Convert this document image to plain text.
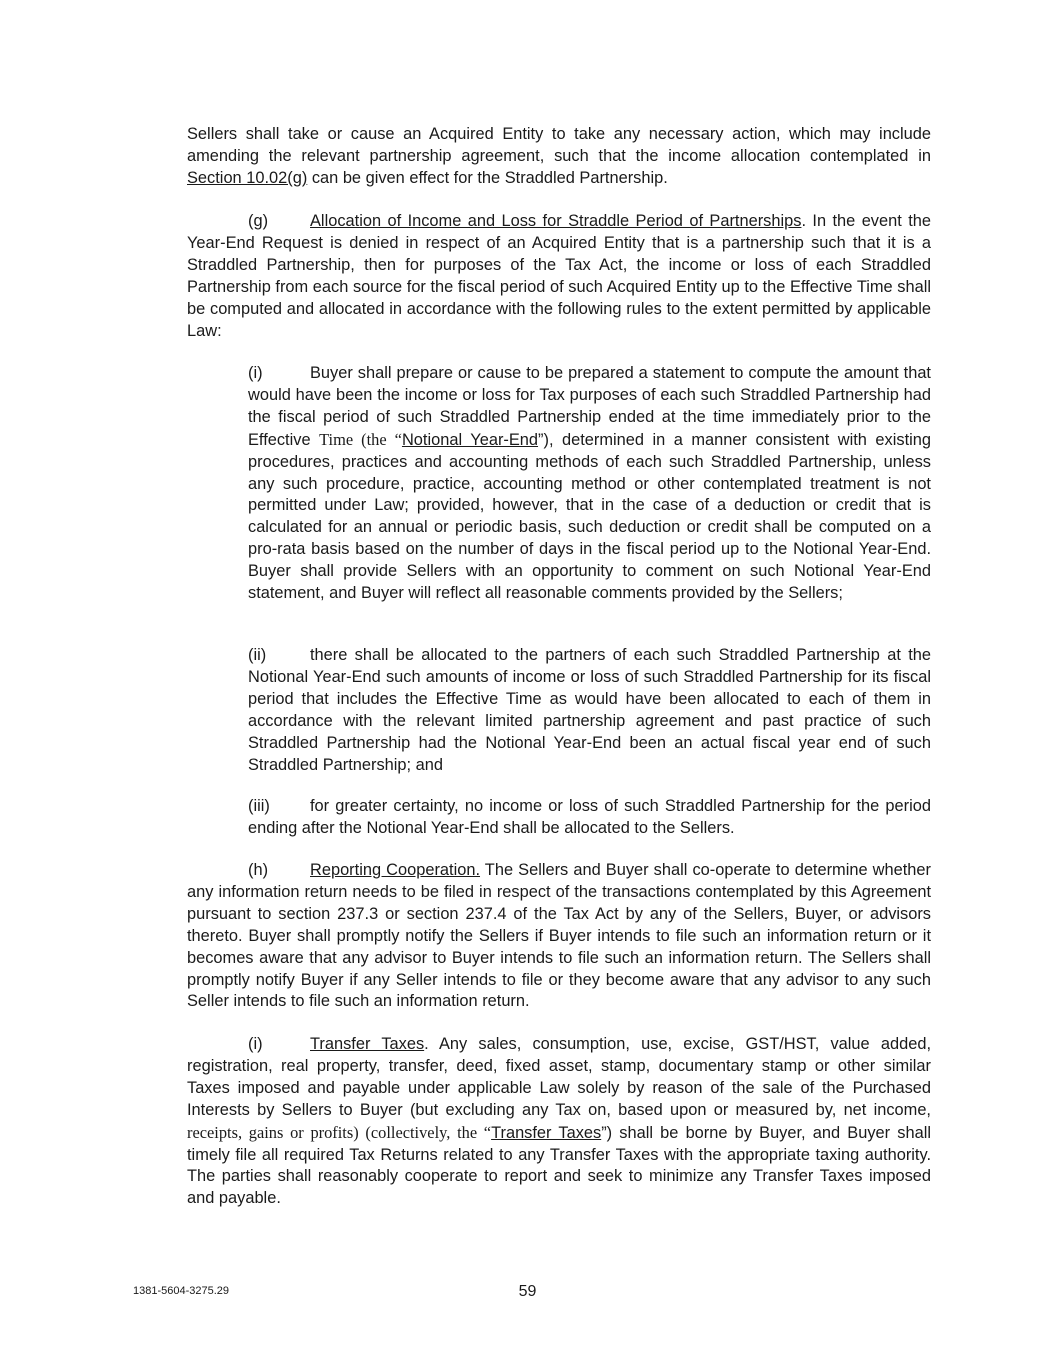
Sellers shall take or cause an Acquired Entity to take any necessary action, which may include amending the relevant partnership agreement, such that the income allocation contemplated in Section 10.02(g) can be given effect for the Straddled Partnership.

(g)	Allocation of Income and Loss for Straddle Period of Partnerships. In the event the Year-End Request is denied in respect of an Acquired Entity that is a partnership such that it is a Straddled Partnership, then for purposes of the Tax Act, the income or loss of each Straddled Partnership from each source for the fiscal period of such Acquired Entity up to the Effective Time shall be computed and allocated in accordance with the following rules to the extent permitted by applicable Law:

(i)	Buyer shall prepare or cause to be prepared a statement to compute the amount that would have been the income or loss for Tax purposes of each such Straddled Partnership had the fiscal period of such Straddled Partnership ended at the time immediately prior to the Effective Time (the “Notional Year-End”), determined in a manner consistent with existing procedures, practices and accounting methods of each such Straddled Partnership, unless any such procedure, practice, accounting method or other contemplated treatment is not permitted under Law; provided, however, that in the case of a deduction or credit that is calculated for an annual or periodic basis, such deduction or credit shall be computed on a pro-rata basis based on the number of days in the fiscal period up to the Notional Year-End. Buyer shall provide Sellers with an opportunity to comment on such Notional Year-End statement, and Buyer will reflect all reasonable comments provided by the Sellers;

(ii)	there shall be allocated to the partners of each such Straddled Partnership at the Notional Year-End such amounts of income or loss of such Straddled Partnership for its fiscal period that includes the Effective Time as would have been allocated to each of them in accordance with the relevant limited partnership agreement and past practice of such Straddled Partnership had the Notional Year-End been an actual fiscal year end of such Straddled Partnership; and

(iii) for greater certainty, no income or loss of such Straddled Partnership for the period ending after the Notional Year-End shall be allocated to the Sellers.

(h)	Reporting Cooperation. The Sellers and Buyer shall co-operate to determine whether any information return needs to be filed in respect of the transactions contemplated by this Agreement pursuant to section 237.3 or section 237.4 of the Tax Act by any of the Sellers, Buyer, or advisors thereto. Buyer shall promptly notify the Sellers if Buyer intends to file such an information return or it becomes aware that any advisor to Buyer intends to file such an information return. The Sellers shall promptly notify Buyer if any Seller intends to file or they become aware that any advisor to any such Seller intends to file such an information return.

(i)	Transfer Taxes. Any sales, consumption, use, excise, GST/HST, value added, registration, real property, transfer, deed, fixed asset, stamp, documentary stamp or other similar Taxes imposed and payable under applicable Law solely by reason of the sale of the Purchased Interests by Sellers to Buyer (but excluding any Tax on, based upon or measured by, net income, receipts, gains or profits) (collectively, the “Transfer Taxes”) shall be borne by Buyer, and Buyer shall timely file all required Tax Returns related to any Transfer Taxes with the appropriate taxing authority. The parties shall reasonably cooperate to report and seek to minimize any Transfer Taxes imposed and payable.

1381-5604-3275.29	59
